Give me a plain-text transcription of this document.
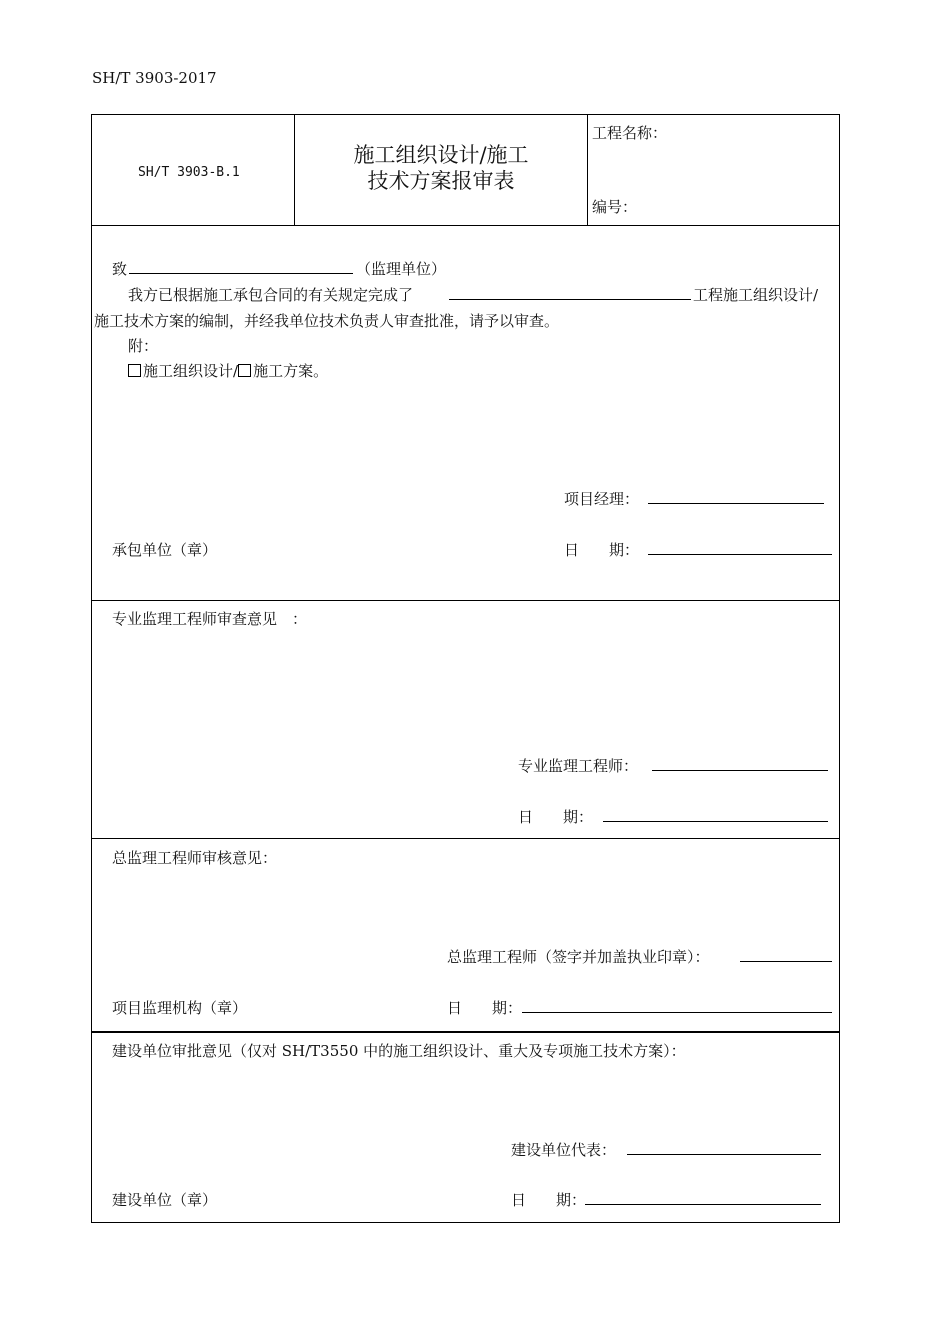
SH/T 3903-2017
SH/T 3903-B.1
施工组织设计/施工
技术方案报审表
工程名称：
编号：
致	（监理单位）
我方已根据施工承包合同的有关规定完成了	工程施工组织设计/
施工技术方案的编制，并经我单位技术负责人审查批准，请予以审查。
附：
施工组织设计/ 施工方案。
项目经理：
承包单位（章）	日　　期：
专业监理工程师审查意见　：
专业监理工程师：
日　　期：
总监理工程师审核意见：
总监理工程师（签字并加盖执业印章）：
项目监理机构（章）	日　　期：
建设单位审批意见（仅对 SH/T3550 中的施工组织设计、重大及专项施工技术方案）：
建设单位代表：
建设单位（章）	日　　期：
